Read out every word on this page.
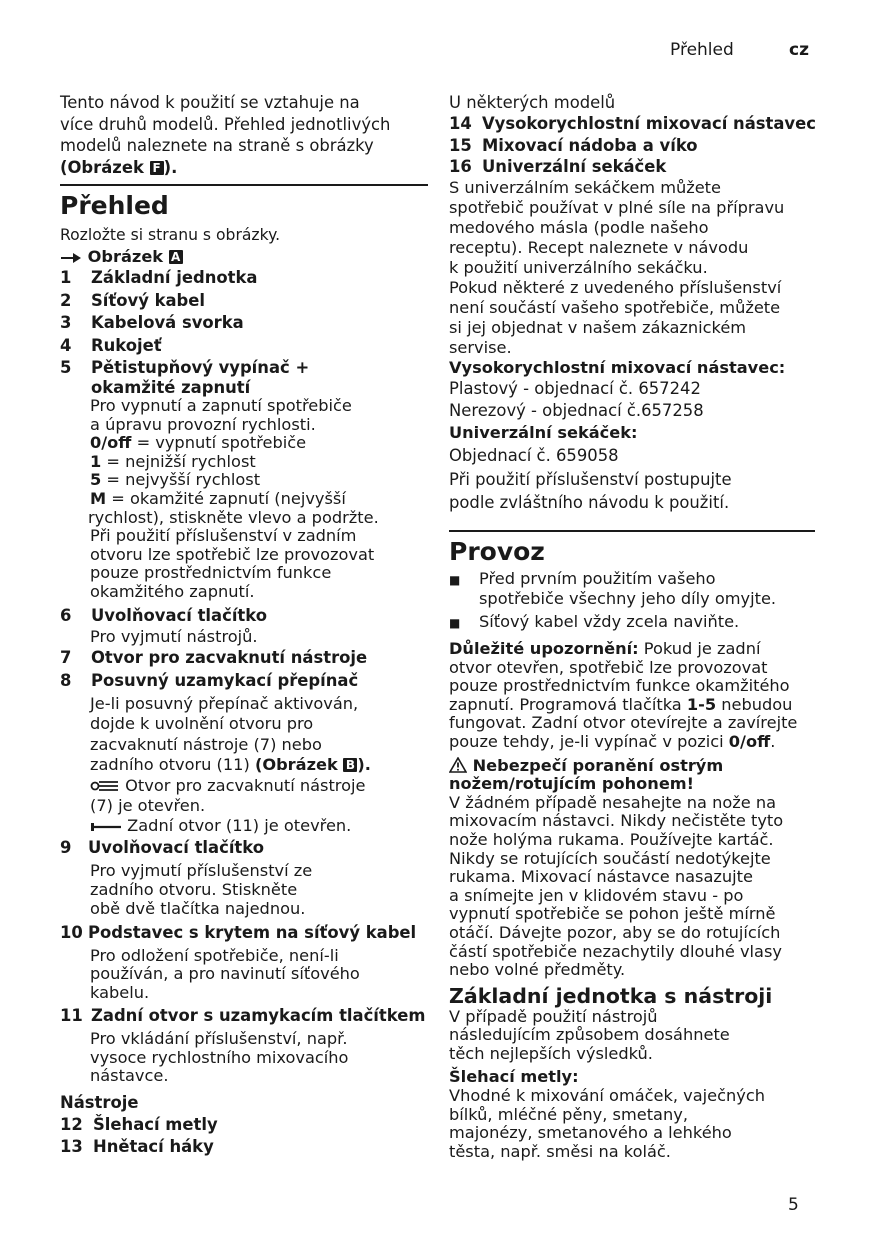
Přehled	cz
Tento návod k použití se vztahuje na
více druhů modelů. Přehled jednotlivých
modelů naleznete na straně s obrázky
(Obrázek F ).
Přehled
Rozložte si stranu s obrázky.
Obrázek A
1	Základní jednotka
2	Síťový kabel
3	Kabelová svorka
4	Rukojeť
5	Pětistupňový vypínač +
okamžité zapnutí
Pro vypnutí a zapnutí spotřebiče
a úpravu provozní rychlosti.
0/off = vypnutí spotřebiče
1 = nejnižší rychlost
5 = nejvyšší rychlost
M = okamžité zapnutí (nejvyšší
rychlost), stiskněte vlevo a podržte.
Při použití příslušenství v zadním
otvoru lze spotřebič lze provozovat
pouze prostřednictvím funkce
okamžitého zapnutí.
6	Uvolňovací tlačítko
Pro vyjmutí nástrojů.
7	Otvor pro zacvaknutí nástroje
8	Posuvný uzamykací přepínač
Je-li posuvný přepínač aktivován,
dojde k uvolnění otvoru pro
zacvaknutí nástroje (7) nebo
zadního otvoru (11) (Obrázek B ).
Otvor pro zacvaknutí nástroje
(7) je otevřen.
Zadní otvor (11) je otevřen.
9	Uvolňovací tlačítko
Pro vyjmutí příslušenství ze
zadního otvoru. Stiskněte
obě dvě tlačítka najednou.
10 Podstavec s krytem na síťový kabel
Pro odložení spotřebiče, není-li
používán, a pro navinutí síťového
kabelu.
11 Zadní otvor s uzamykacím tlačítkem
Pro vkládání příslušenství, např.
vysoce rychlostního mixovacího
nástavce.
Nástroje
12 Šlehací metly
13 Hnětací háky
U některých modelů
14 Vysokorychlostní mixovací nástavec
15 Mixovací nádoba a víko
16 Univerzální sekáček
S univerzálním sekáčkem můžete
spotřebič používat v plné síle na přípravu
medového másla (podle našeho
receptu). Recept naleznete v návodu
k použití univerzálního sekáčku.
Pokud některé z uvedeného příslušenství
není součástí vašeho spotřebiče, můžete
si jej objednat v našem zákaznickém
servise.
Vysokorychlostní mixovací nástavec:
Plastový - objednací č. 657242
Nerezový - objednací č.657258
Univerzální sekáček:
Objednací č. 659058
Při použití příslušenství postupujte
podle zvláštního návodu k použití.
Provoz
■	Před prvním použitím vašeho
spotřebiče všechny jeho díly omyjte.
■	Síťový kabel vždy zcela naviňte.
Důležité upozornění: Pokud je zadní
otvor otevřen, spotřebič lze provozovat
pouze prostřednictvím funkce okamžitého
zapnutí. Programová tlačítka 1-5 nebudou
fungovat. Zadní otvor otevírejte a zavírejte
pouze tehdy, je-li vypínač v pozici 0/off.
Nebezpečí poranění ostrým
nožem/rotujícím pohonem!
V žádném případě nesahejte na nože na
mixovacím nástavci. Nikdy nečistěte tyto
nože holýma rukama. Používejte kartáč.
Nikdy se rotujících součástí nedotýkejte
rukama. Mixovací nástavce nasazujte
a snímejte jen v klidovém stavu - po
vypnutí spotřebiče se pohon ještě mírně
otáčí. Dávejte pozor, aby se do rotujících
částí spotřebiče nezachytily dlouhé vlasy
nebo volné předměty.
Základní jednotka s nástroji
V případě použití nástrojů
následujícím způsobem dosáhnete
těch nejlepších výsledků.
Šlehací metly:
Vhodné k mixování omáček, vaječných
bílků, mléčné pěny, smetany,
majonézy, smetanového a lehkého
těsta, např. směsi na koláč.
5
